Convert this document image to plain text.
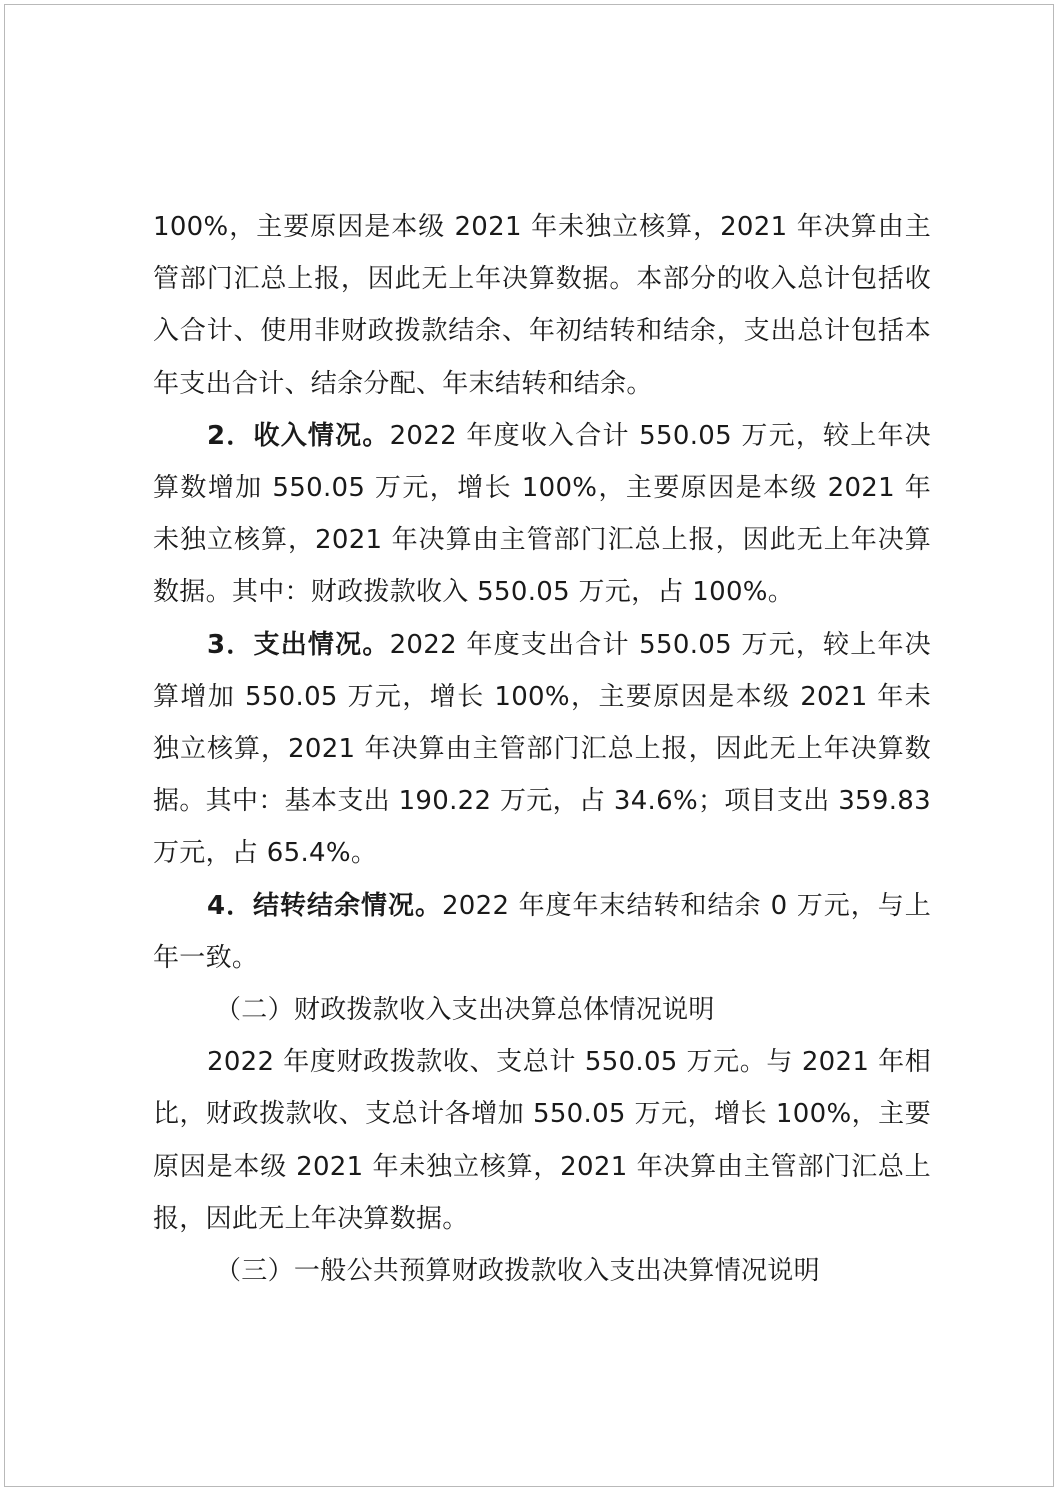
100%，主要原因是本级 2021 年未独立核算，2021 年决算由主管部门汇总上报，因此无上年决算数据。本部分的收入总计包括收入合计、使用非财政拨款结余、年初结转和结余，支出总计包括本年支出合计、结余分配、年末结转和结余。

2．收入情况。2022 年度收入合计 550.05 万元，较上年决算数增加 550.05 万元，增长 100%，主要原因是本级 2021 年未独立核算，2021 年决算由主管部门汇总上报，因此无上年决算数据。其中：财政拨款收入 550.05 万元，占 100%。

3．支出情况。2022 年度支出合计 550.05 万元，较上年决算增加 550.05 万元，增长 100%，主要原因是本级 2021 年未独立核算，2021 年决算由主管部门汇总上报，因此无上年决算数据。其中：基本支出 190.22 万元，占 34.6%；项目支出 359.83 万元，占 65.4%。

4．结转结余情况。2022 年度年末结转和结余 0 万元，与上年一致。

（二）财政拨款收入支出决算总体情况说明

2022 年度财政拨款收、支总计 550.05 万元。与 2021 年相比，财政拨款收、支总计各增加 550.05 万元，增长 100%，主要原因是本级 2021 年未独立核算，2021 年决算由主管部门汇总上报，因此无上年决算数据。

（三）一般公共预算财政拨款收入支出决算情况说明
